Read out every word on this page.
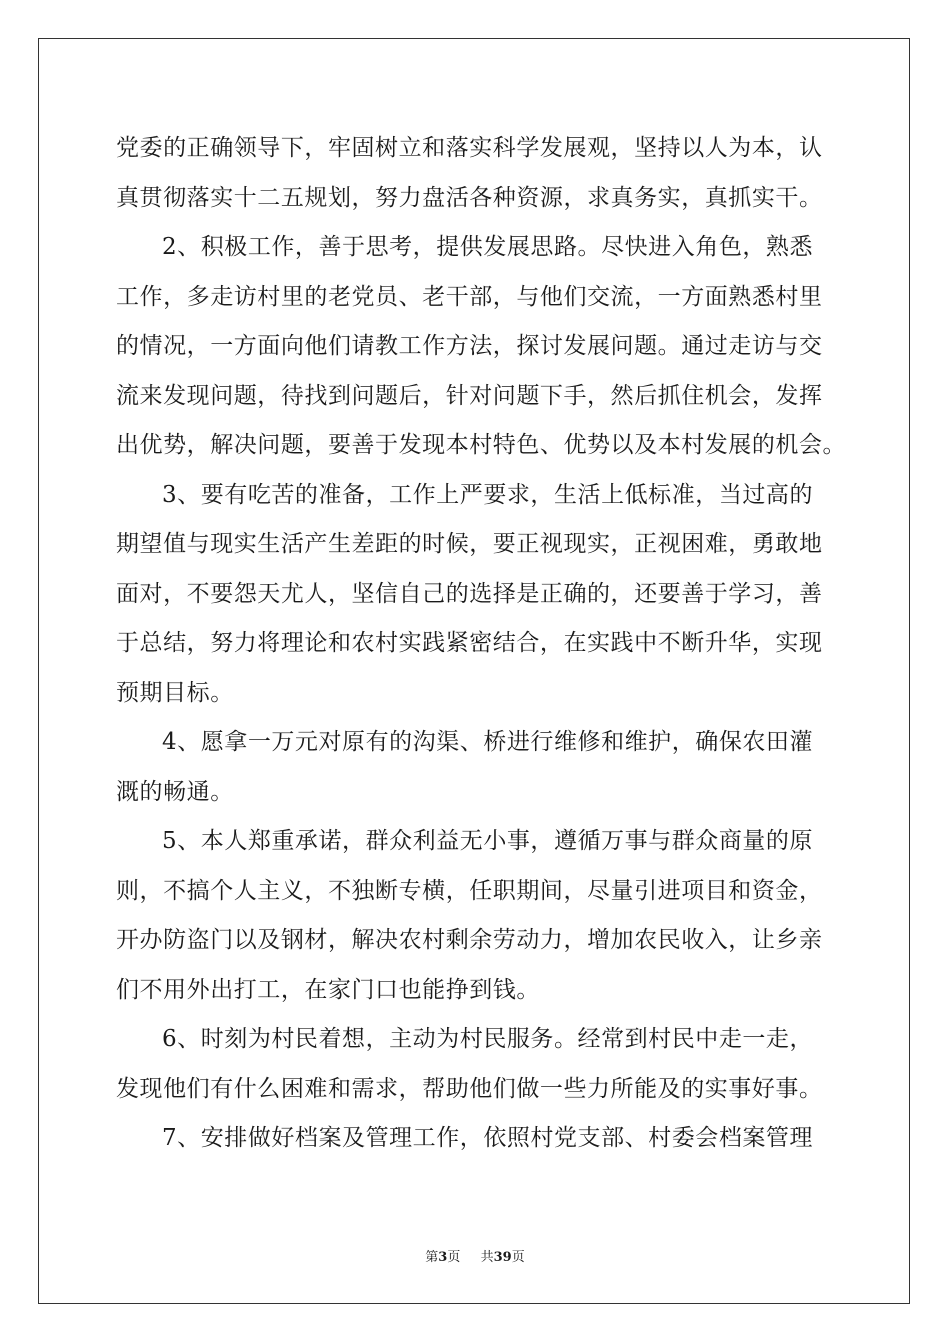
党委的正确领导下，牢固树立和落实科学发展观，坚持以人为本，认
真贯彻落实十二五规划，努力盘活各种资源，求真务实，真抓实干。
2、积极工作，善于思考，提供发展思路。尽快进入角色，熟悉
工作，多走访村里的老党员、老干部，与他们交流，一方面熟悉村里
的情况，一方面向他们请教工作方法，探讨发展问题。通过走访与交
流来发现问题，待找到问题后，针对问题下手，然后抓住机会，发挥
出优势，解决问题，要善于发现本村特色、优势以及本村发展的机会。
3、要有吃苦的准备，工作上严要求，生活上低标准，当过高的
期望值与现实生活产生差距的时候，要正视现实，正视困难，勇敢地
面对，不要怨天尤人，坚信自己的选择是正确的，还要善于学习，善
于总结，努力将理论和农村实践紧密结合，在实践中不断升华，实现
预期目标。
4、愿拿一万元对原有的沟渠、桥进行维修和维护，确保农田灌
溉的畅通。
5、本人郑重承诺，群众利益无小事，遵循万事与群众商量的原
则，不搞个人主义，不独断专横，任职期间，尽量引进项目和资金，
开办防盗门以及钢材，解决农村剩余劳动力，增加农民收入，让乡亲
们不用外出打工，在家门口也能挣到钱。
6、时刻为村民着想，主动为村民服务。经常到村民中走一走，
发现他们有什么困难和需求，帮助他们做一些力所能及的实事好事。
7、安排做好档案及管理工作，依照村党支部、村委会档案管理
第3页 共39页
